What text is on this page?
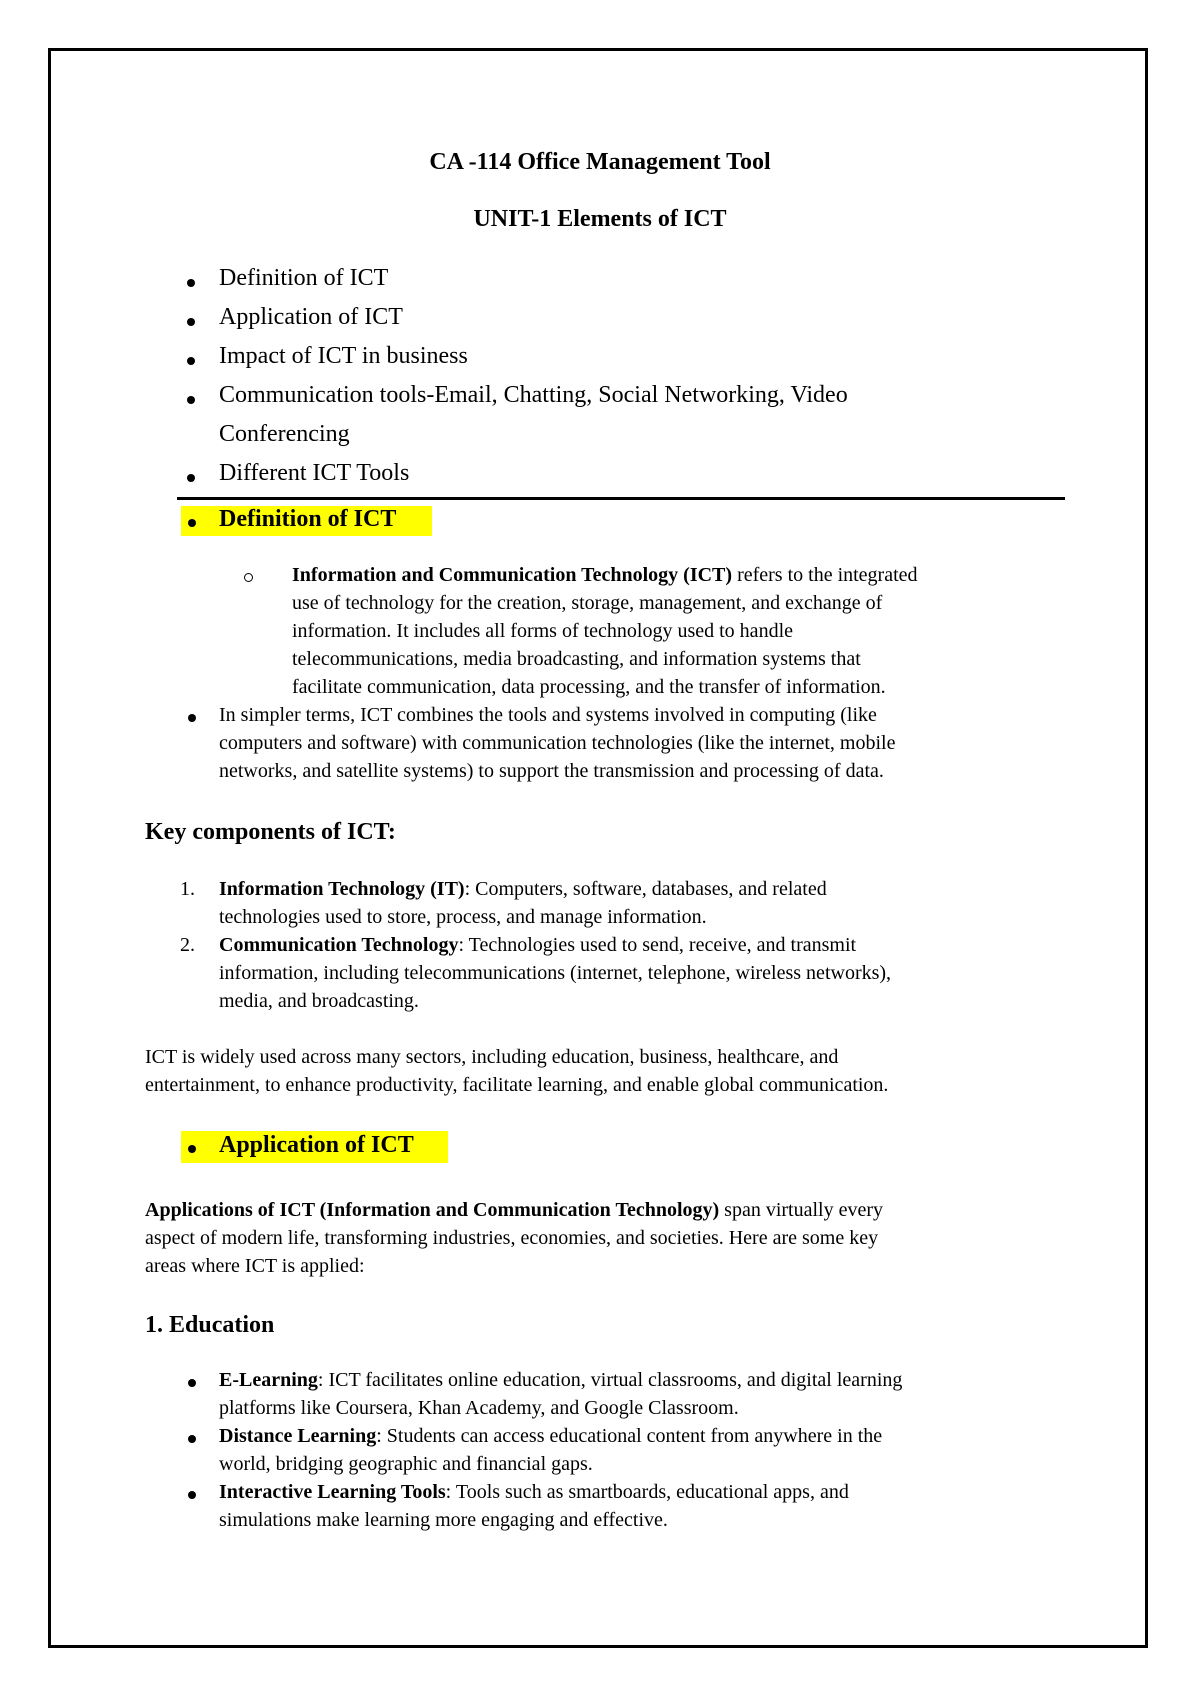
CA -114 Office Management Tool
UNIT-1 Elements of ICT
Definition of ICT
Application of ICT
Impact of ICT in business
Communication tools-Email, Chatting, Social Networking, Video
Conferencing
Different ICT Tools
Definition of ICT
Information and Communication Technology (ICT) refers to the integrated
use of technology for the creation, storage, management, and exchange of
information. It includes all forms of technology used to handle
telecommunications, media broadcasting, and information systems that
facilitate communication, data processing, and the transfer of information.
In simpler terms, ICT combines the tools and systems involved in computing (like
computers and software) with communication technologies (like the internet, mobile
networks, and satellite systems) to support the transmission and processing of data.
Key components of ICT:
1. Information Technology (IT): Computers, software, databases, and related
technologies used to store, process, and manage information.
2. Communication Technology: Technologies used to send, receive, and transmit
information, including telecommunications (internet, telephone, wireless networks),
media, and broadcasting.
ICT is widely used across many sectors, including education, business, healthcare, and
entertainment, to enhance productivity, facilitate learning, and enable global communication.
Application of ICT
Applications of ICT (Information and Communication Technology) span virtually every
aspect of modern life, transforming industries, economies, and societies. Here are some key
areas where ICT is applied:
1. Education
E-Learning: ICT facilitates online education, virtual classrooms, and digital learning
platforms like Coursera, Khan Academy, and Google Classroom.
Distance Learning: Students can access educational content from anywhere in the
world, bridging geographic and financial gaps.
Interactive Learning Tools: Tools such as smartboards, educational apps, and
simulations make learning more engaging and effective.
